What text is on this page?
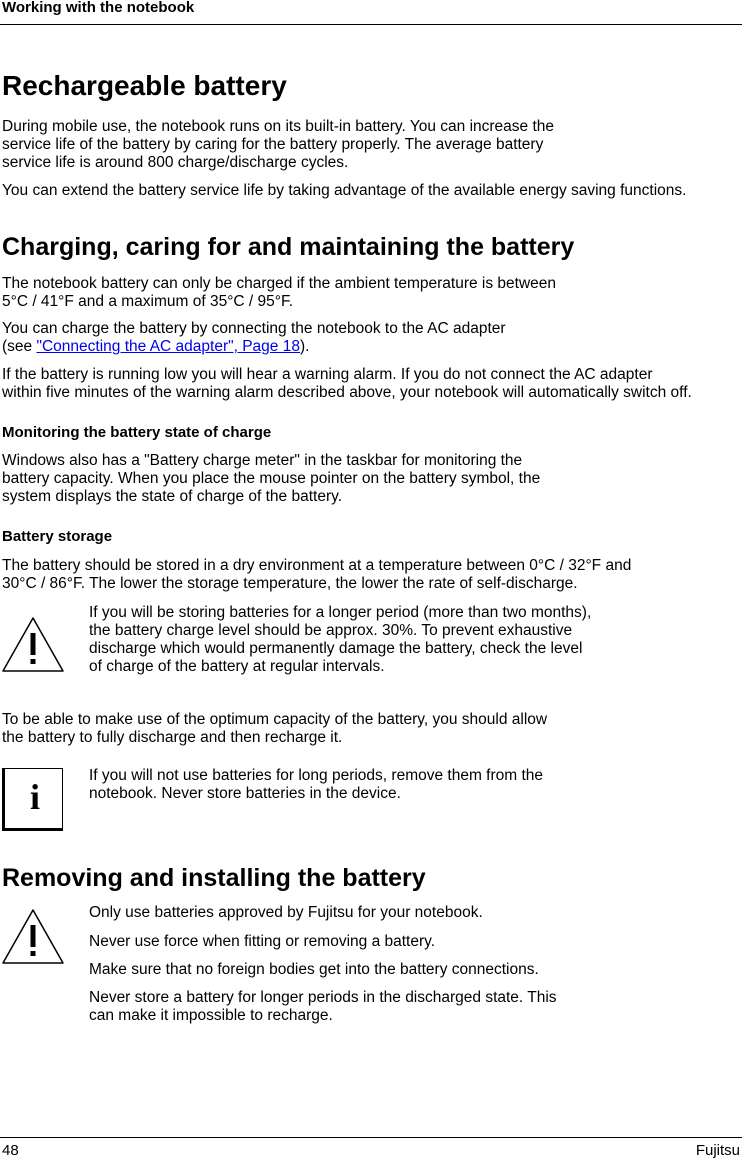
Working with the notebook
Rechargeable battery

During mobile use, the notebook runs on its built-in battery. You can increase the
service life of the battery by caring for the battery properly. The average battery
service life is around 800 charge/discharge cycles.

You can extend the battery service life by taking advantage of the available energy saving functions.

Charging, caring for and maintaining the battery

The notebook battery can only be charged if the ambient temperature is between
5°C / 41°F and a maximum of 35°C / 95°F.

You can charge the battery by connecting the notebook to the AC adapter
(see "Connecting the AC adapter", Page 18).

If the battery is running low you will hear a warning alarm. If you do not connect the AC adapter
within five minutes of the warning alarm described above, your notebook will automatically switch off.

Monitoring the battery state of charge

Windows also has a "Battery charge meter" in the taskbar for monitoring the
battery capacity. When you place the mouse pointer on the battery symbol, the
system displays the state of charge of the battery.

Battery storage

The battery should be stored in a dry environment at a temperature between 0°C / 32°F and
30°C / 86°F. The lower the storage temperature, the lower the rate of self-discharge.

If you will be storing batteries for a longer period (more than two months),
the battery charge level should be approx. 30%. To prevent exhaustive
discharge which would permanently damage the battery, check the level
of charge of the battery at regular intervals.

To be able to make use of the optimum capacity of the battery, you should allow
the battery to fully discharge and then recharge it.

i

If you will not use batteries for long periods, remove them from the
notebook. Never store batteries in the device.

Removing and installing the battery

Only use batteries approved by Fujitsu for your notebook.

Never use force when fitting or removing a battery.

Make sure that no foreign bodies get into the battery connections.

Never store a battery for longer periods in the discharged state. This
can make it impossible to recharge.

48	Fujitsu
